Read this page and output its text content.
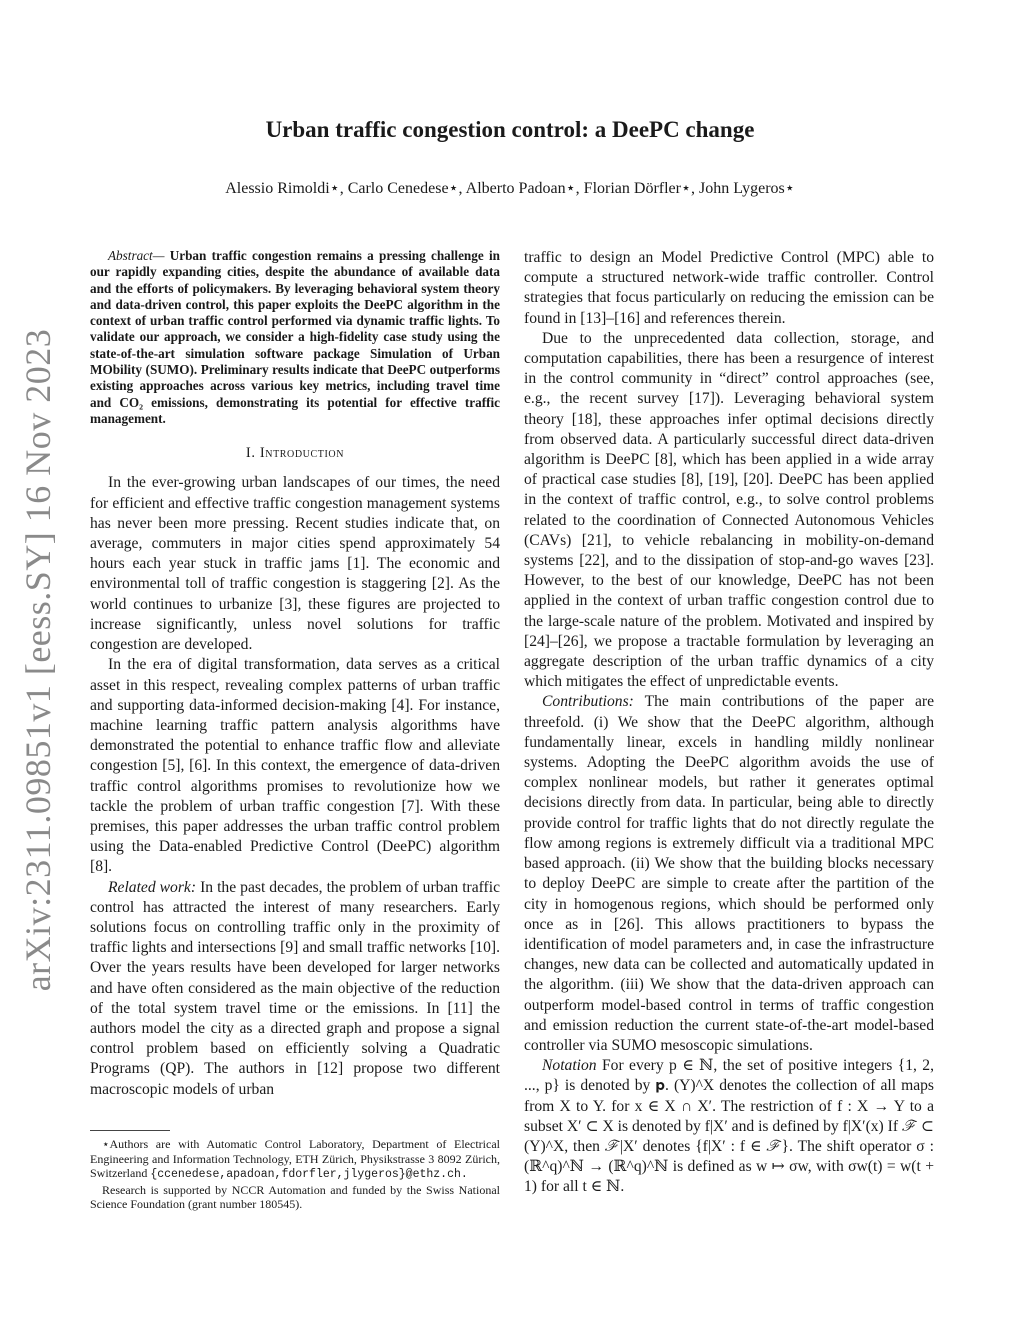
arXiv:2311.09851v1 [eess.SY] 16 Nov 2023
Urban traffic congestion control: a DeePC change
Alessio Rimoldi⋆, Carlo Cenedese⋆, Alberto Padoan⋆, Florian Dörfler⋆, John Lygeros⋆

Abstract— Urban traffic congestion remains a pressing challenge in our rapidly expanding cities, despite the abundance of available data and the efforts of policymakers. By leveraging behavioral system theory and data-driven control, this paper exploits the DeePC algorithm in the context of urban traffic control performed via dynamic traffic lights. To validate our approach, we consider a high-fidelity case study using the state-of-the-art simulation software package Simulation of Urban MObility (SUMO). Preliminary results indicate that DeePC outperforms existing approaches across various key metrics, including travel time and CO₂ emissions, demonstrating its potential for effective traffic management.

I. Introduction

In the ever-growing urban landscapes of our times, the need for efficient and effective traffic congestion management systems has never been more pressing. Recent studies indicate that, on average, commuters in major cities spend approximately 54 hours each year stuck in traffic jams [1]. The economic and environmental toll of traffic congestion is staggering [2]. As the world continues to urbanize [3], these figures are projected to increase significantly, unless novel solutions for traffic congestion are developed.

In the era of digital transformation, data serves as a critical asset in this respect, revealing complex patterns of urban traffic and supporting data-informed decision-making [4]. For instance, machine learning traffic pattern analysis algorithms have demonstrated the potential to enhance traffic flow and alleviate congestion [5], [6]. In this context, the emergence of data-driven traffic control algorithms promises to revolutionize how we tackle the problem of urban traffic congestion [7]. With these premises, this paper addresses the urban traffic control problem using the Data-enabled Predictive Control (DeePC) algorithm [8].

Related work: In the past decades, the problem of urban traffic control has attracted the interest of many researchers. Early solutions focus on controlling traffic only in the proximity of traffic lights and intersections [9] and small traffic networks [10]. Over the years results have been developed for larger networks and have often considered as the main objective of the reduction of the total system travel time or the emissions. In [11] the authors model the city as a directed graph and propose a signal control problem based on efficiently solving a Quadratic Programs (QP). The authors in [12] propose two different macroscopic models of urban

traffic to design an Model Predictive Control (MPC) able to compute a structured network-wide traffic controller. Control strategies that focus particularly on reducing the emission can be found in [13]–[16] and references therein.

Due to the unprecedented data collection, storage, and computation capabilities, there has been a resurgence of interest in the control community in “direct” control approaches (see, e.g., the recent survey [17]). Leveraging behavioral system theory [18], these approaches infer optimal decisions directly from observed data. A particularly successful direct data-driven algorithm is DeePC [8], which has been applied in a wide array of practical case studies [8], [19], [20]. DeePC has been applied in the context of traffic control, e.g., to solve control problems related to the coordination of Connected Autonomous Vehicles (CAVs) [21], to vehicle rebalancing in mobility-on-demand systems [22], and to the dissipation of stop-and-go waves [23]. However, to the best of our knowledge, DeePC has not been applied in the context of urban traffic congestion control due to the large-scale nature of the problem. Motivated and inspired by [24]–[26], we propose a tractable formulation by leveraging an aggregate description of the urban traffic dynamics of a city which mitigates the effect of unpredictable events.

Contributions: The main contributions of the paper are threefold. (i) We show that the DeePC algorithm, although fundamentally linear, excels in handling mildly nonlinear systems. Adopting the DeePC algorithm avoids the use of complex nonlinear models, but rather it generates optimal decisions directly from data. In particular, being able to directly provide control for traffic lights that do not directly regulate the flow among regions is extremely difficult via a traditional MPC based approach. (ii) We show that the building blocks necessary to deploy DeePC are simple to create after the partition of the city in homogenous regions, which should be performed only once as in [26]. This allows practitioners to bypass the identification of model parameters and, in case the infrastructure changes, new data can be collected and automatically updated in the algorithm. (iii) We show that the data-driven approach can outperform model-based control in terms of traffic congestion and emission reduction the current state-of-the-art model-based controller via SUMO mesoscopic simulations.

Notation For every p ∈ ℕ, the set of positive integers {1, 2, ..., p} is denoted by 𝐩. (Y)^X denotes the collection of all maps from X to Y. for x ∈ X ∩ X′. The restriction of f : X → Y to a subset X′ ⊂ X is denoted by f|X′ and is defined by f|X′(x) If ℱ ⊂ (Y)^X, then ℱ|X′ denotes {f|X′ : f ∈ ℱ}. The shift operator σ : (ℝ^q)^ℕ → (ℝ^q)^ℕ is defined as w ↦ σw, with σw(t) = w(t + 1) for all t ∈ ℕ.

⋆Authors are with Automatic Control Laboratory, Department of Electrical Engineering and Information Technology, ETH Zürich, Physikstrasse 3 8092 Zürich, Switzerland {ccenedese,apadoan,fdorfler,jlygeros}@ethz.ch.

Research is supported by NCCR Automation and funded by the Swiss National Science Foundation (grant number 180545).
